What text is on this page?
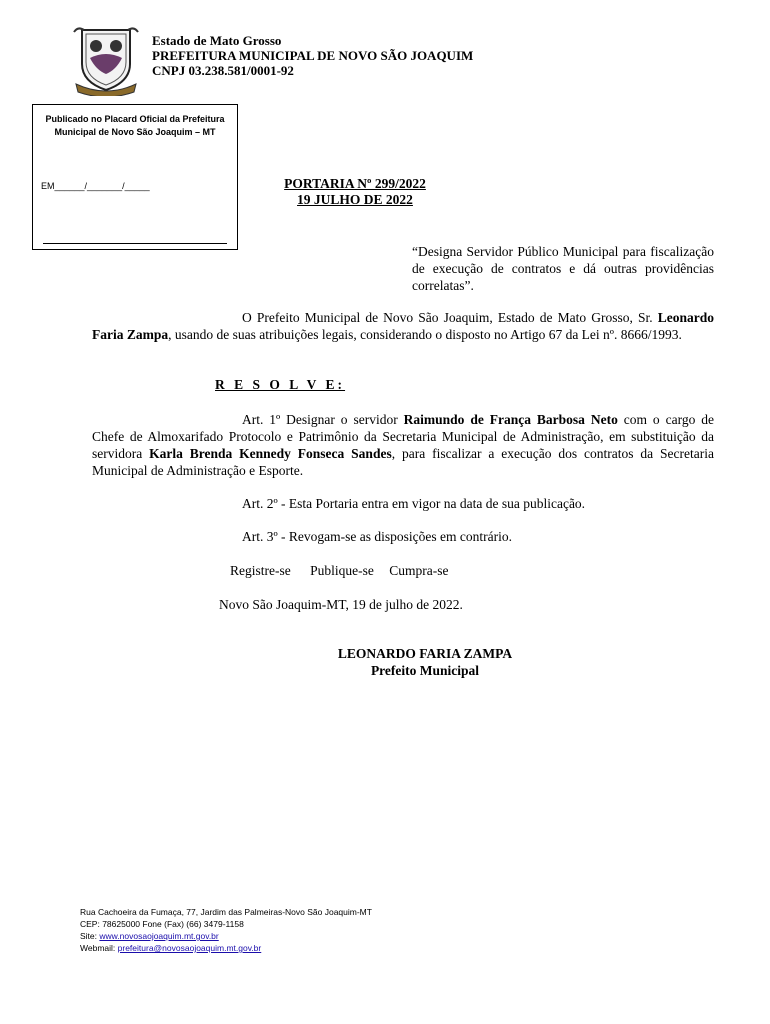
Estado de Mato Grosso
PREFEITURA MUNICIPAL DE NOVO SÃO JOAQUIM
CNPJ 03.238.581/0001-92
Publicado no Placard Oficial da Prefeitura Municipal de Novo São Joaquim – MT
EM______/_______/_____	PORTARIA Nº 299/2022
19 JULHO DE 2022
“Designa Servidor Público Municipal para fiscalização de execução de contratos e dá outras providências correlatas”.
O Prefeito Municipal de Novo São Joaquim, Estado de Mato Grosso, Sr. Leonardo Faria Zampa, usando de suas atribuições legais, considerando o disposto no Artigo 67 da Lei nº. 8666/1993.
R E S O L V E:
Art. 1º Designar o servidor Raimundo de França Barbosa Neto com o cargo de Chefe de Almoxarifado Protocolo e Patrimônio da Secretaria Municipal de Administração, em substituição da servidora Karla Brenda Kennedy Fonseca Sandes, para fiscalizar a execução dos contratos da Secretaria Municipal de Administração e Esporte.
Art. 2º - Esta Portaria entra em vigor na data de sua publicação.
Art. 3º - Revogam-se as disposições em contrário.
Registre-se Publique-se Cumpra-se
Novo São Joaquim-MT, 19 de julho de 2022.
LEONARDO FARIA ZAMPA
Prefeito Municipal
Rua Cachoeira da Fumaça, 77, Jardim das Palmeiras-Novo São Joaquim-MT
CEP: 78625000 Fone (Fax) (66) 3479-1158
Site: www.novosaojoaquim.mt.gov.br
Webmail: prefeitura@novosaojoaquim.mt.gov.br
